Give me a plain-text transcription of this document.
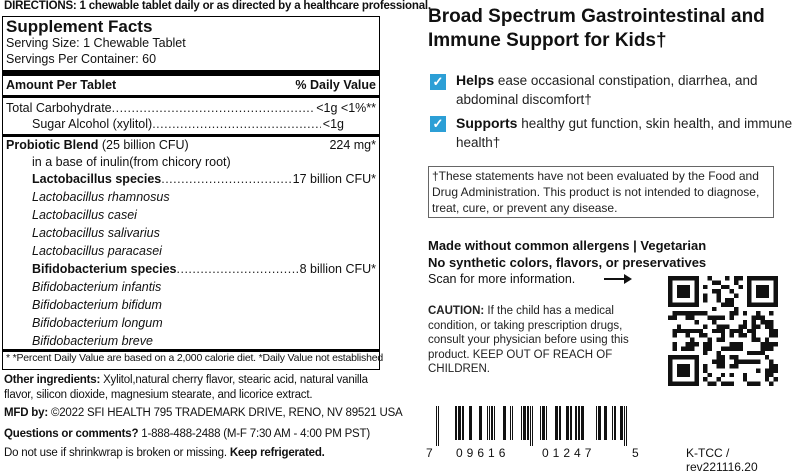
DIRECTIONS: 1 chewable tablet daily or as directed by a healthcare professional.
Supplement Facts
Serving Size: 1 Chewable Tablet
Servings Per Container: 60
Amount Per Tablet	% Daily Value
Total Carbohydrate .....	<1g <1%**
Sugar Alcohol (xylitol) .....	<1g
Probiotic Blend (25 billion CFU)	224 mg*
in a base of inulin(from chicory root)
Lactobacillus species .....	17 billion CFU*
Lactobacillus rhamnosus
Lactobacillus casei
Lactobacillus salivarius
Lactobacillus paracasei
Bifidobacterium species .....	8 billion CFU*
Bifidobacterium infantis
Bifidobacterium bifidum
Bifidobacterium longum
Bifidobacterium breve
* *Percent Daily Value are based on a 2,000 calorie diet. *Daily Value not established
Other ingredients: Xylitol,natural cherry flavor, stearic acid, natural vanilla
flavor, silicon dioxide, magnesium stearate, and licorice extract.
MFD by: ©2022 SFI HEALTH 795 TRADEMARK DRIVE, RENO, NV 89521 USA
Questions or comments? 1-888-488-2488 (M-F 7:30 AM - 4:00 PM PST)
Do not use if shrinkwrap is broken or missing. Keep refrigerated.
Broad Spectrum Gastrointestinal and Immune Support for Kids†
✓ Helps ease occasional constipation, diarrhea, and abdominal discomfort†
✓ Supports healthy gut function, skin health, and immune health†
†These statements have not been evaluated by the Food and Drug Administration. This product is not intended to diagnose, treat, cure, or prevent any disease.
Made without common allergens | Vegetarian
No synthetic colors, flavors, or preservatives
Scan for more information.
CAUTION: If the child has a medical condition, or taking prescription drugs, consult your physician before using this product. KEEP OUT OF REACH OF CHILDREN.
7 09616	01247	5	K-TCC / rev221116.20
